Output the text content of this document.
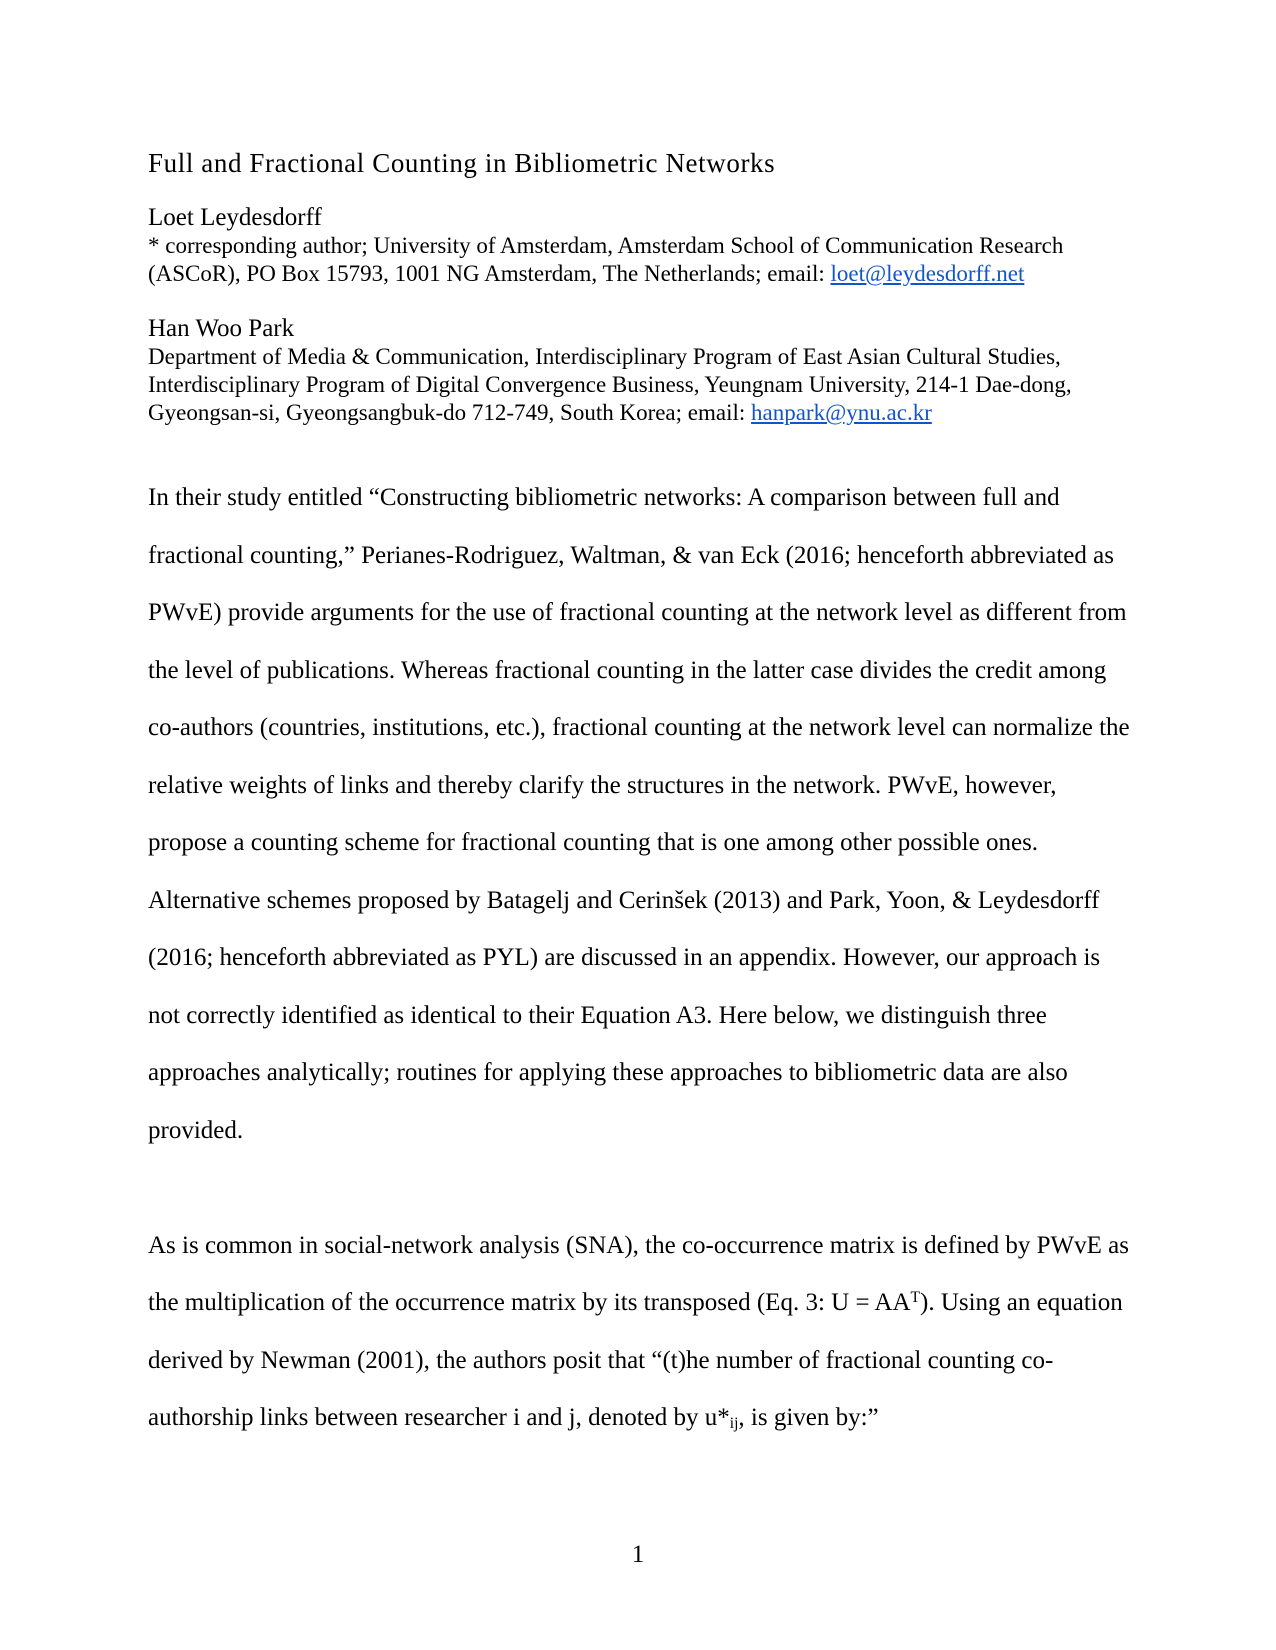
Full and Fractional Counting in Bibliometric Networks
Loet Leydesdorff

* corresponding author; University of Amsterdam, Amsterdam School of Communication Research (ASCoR), PO Box 15793, 1001 NG Amsterdam, The Netherlands; email: loet@leydesdorff.net

Han Woo Park

Department of Media & Communication, Interdisciplinary Program of East Asian Cultural Studies, Interdisciplinary Program of Digital Convergence Business, Yeungnam University, 214-1 Dae-dong, Gyeongsan-si, Gyeongsangbuk-do 712-749, South Korea; email: hanpark@ynu.ac.kr

In their study entitled “Constructing bibliometric networks: A comparison between full and fractional counting,” Perianes-Rodriguez, Waltman, & van Eck (2016; henceforth abbreviated as PWvE) provide arguments for the use of fractional counting at the network level as different from the level of publications. Whereas fractional counting in the latter case divides the credit among co-authors (countries, institutions, etc.), fractional counting at the network level can normalize the relative weights of links and thereby clarify the structures in the network. PWvE, however, propose a counting scheme for fractional counting that is one among other possible ones. Alternative schemes proposed by Batagelj and Cerinšek (2013) and Park, Yoon, & Leydesdorff (2016; henceforth abbreviated as PYL) are discussed in an appendix. However, our approach is not correctly identified as identical to their Equation A3. Here below, we distinguish three approaches analytically; routines for applying these approaches to bibliometric data are also provided.

As is common in social-network analysis (SNA), the co-occurrence matrix is defined by PWvE as the multiplication of the occurrence matrix by its transposed (Eq. 3: $U = AA^T$). Using an equation derived by Newman (2001), the authors posit that “(t)he number of fractional counting co-authorship links between researcher i and j, denoted by u*ij, is given by:”

1
